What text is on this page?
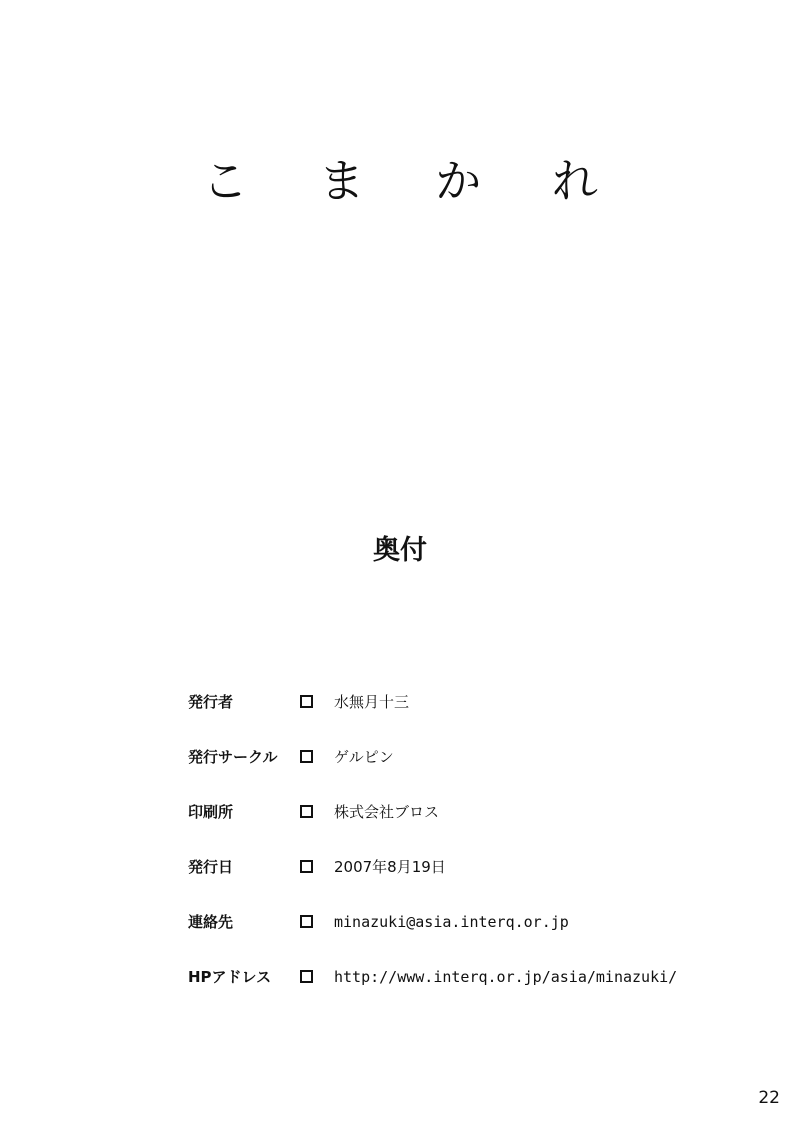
こ ま か れ
奥付
発行者	水無月十三
発行サークル	ゲルピン
印刷所	株式会社ブロス
発行日	2007年8月19日
連絡先	minazuki@asia.interq.or.jp
HPアドレス	http://www.interq.or.jp/asia/minazuki/
22
